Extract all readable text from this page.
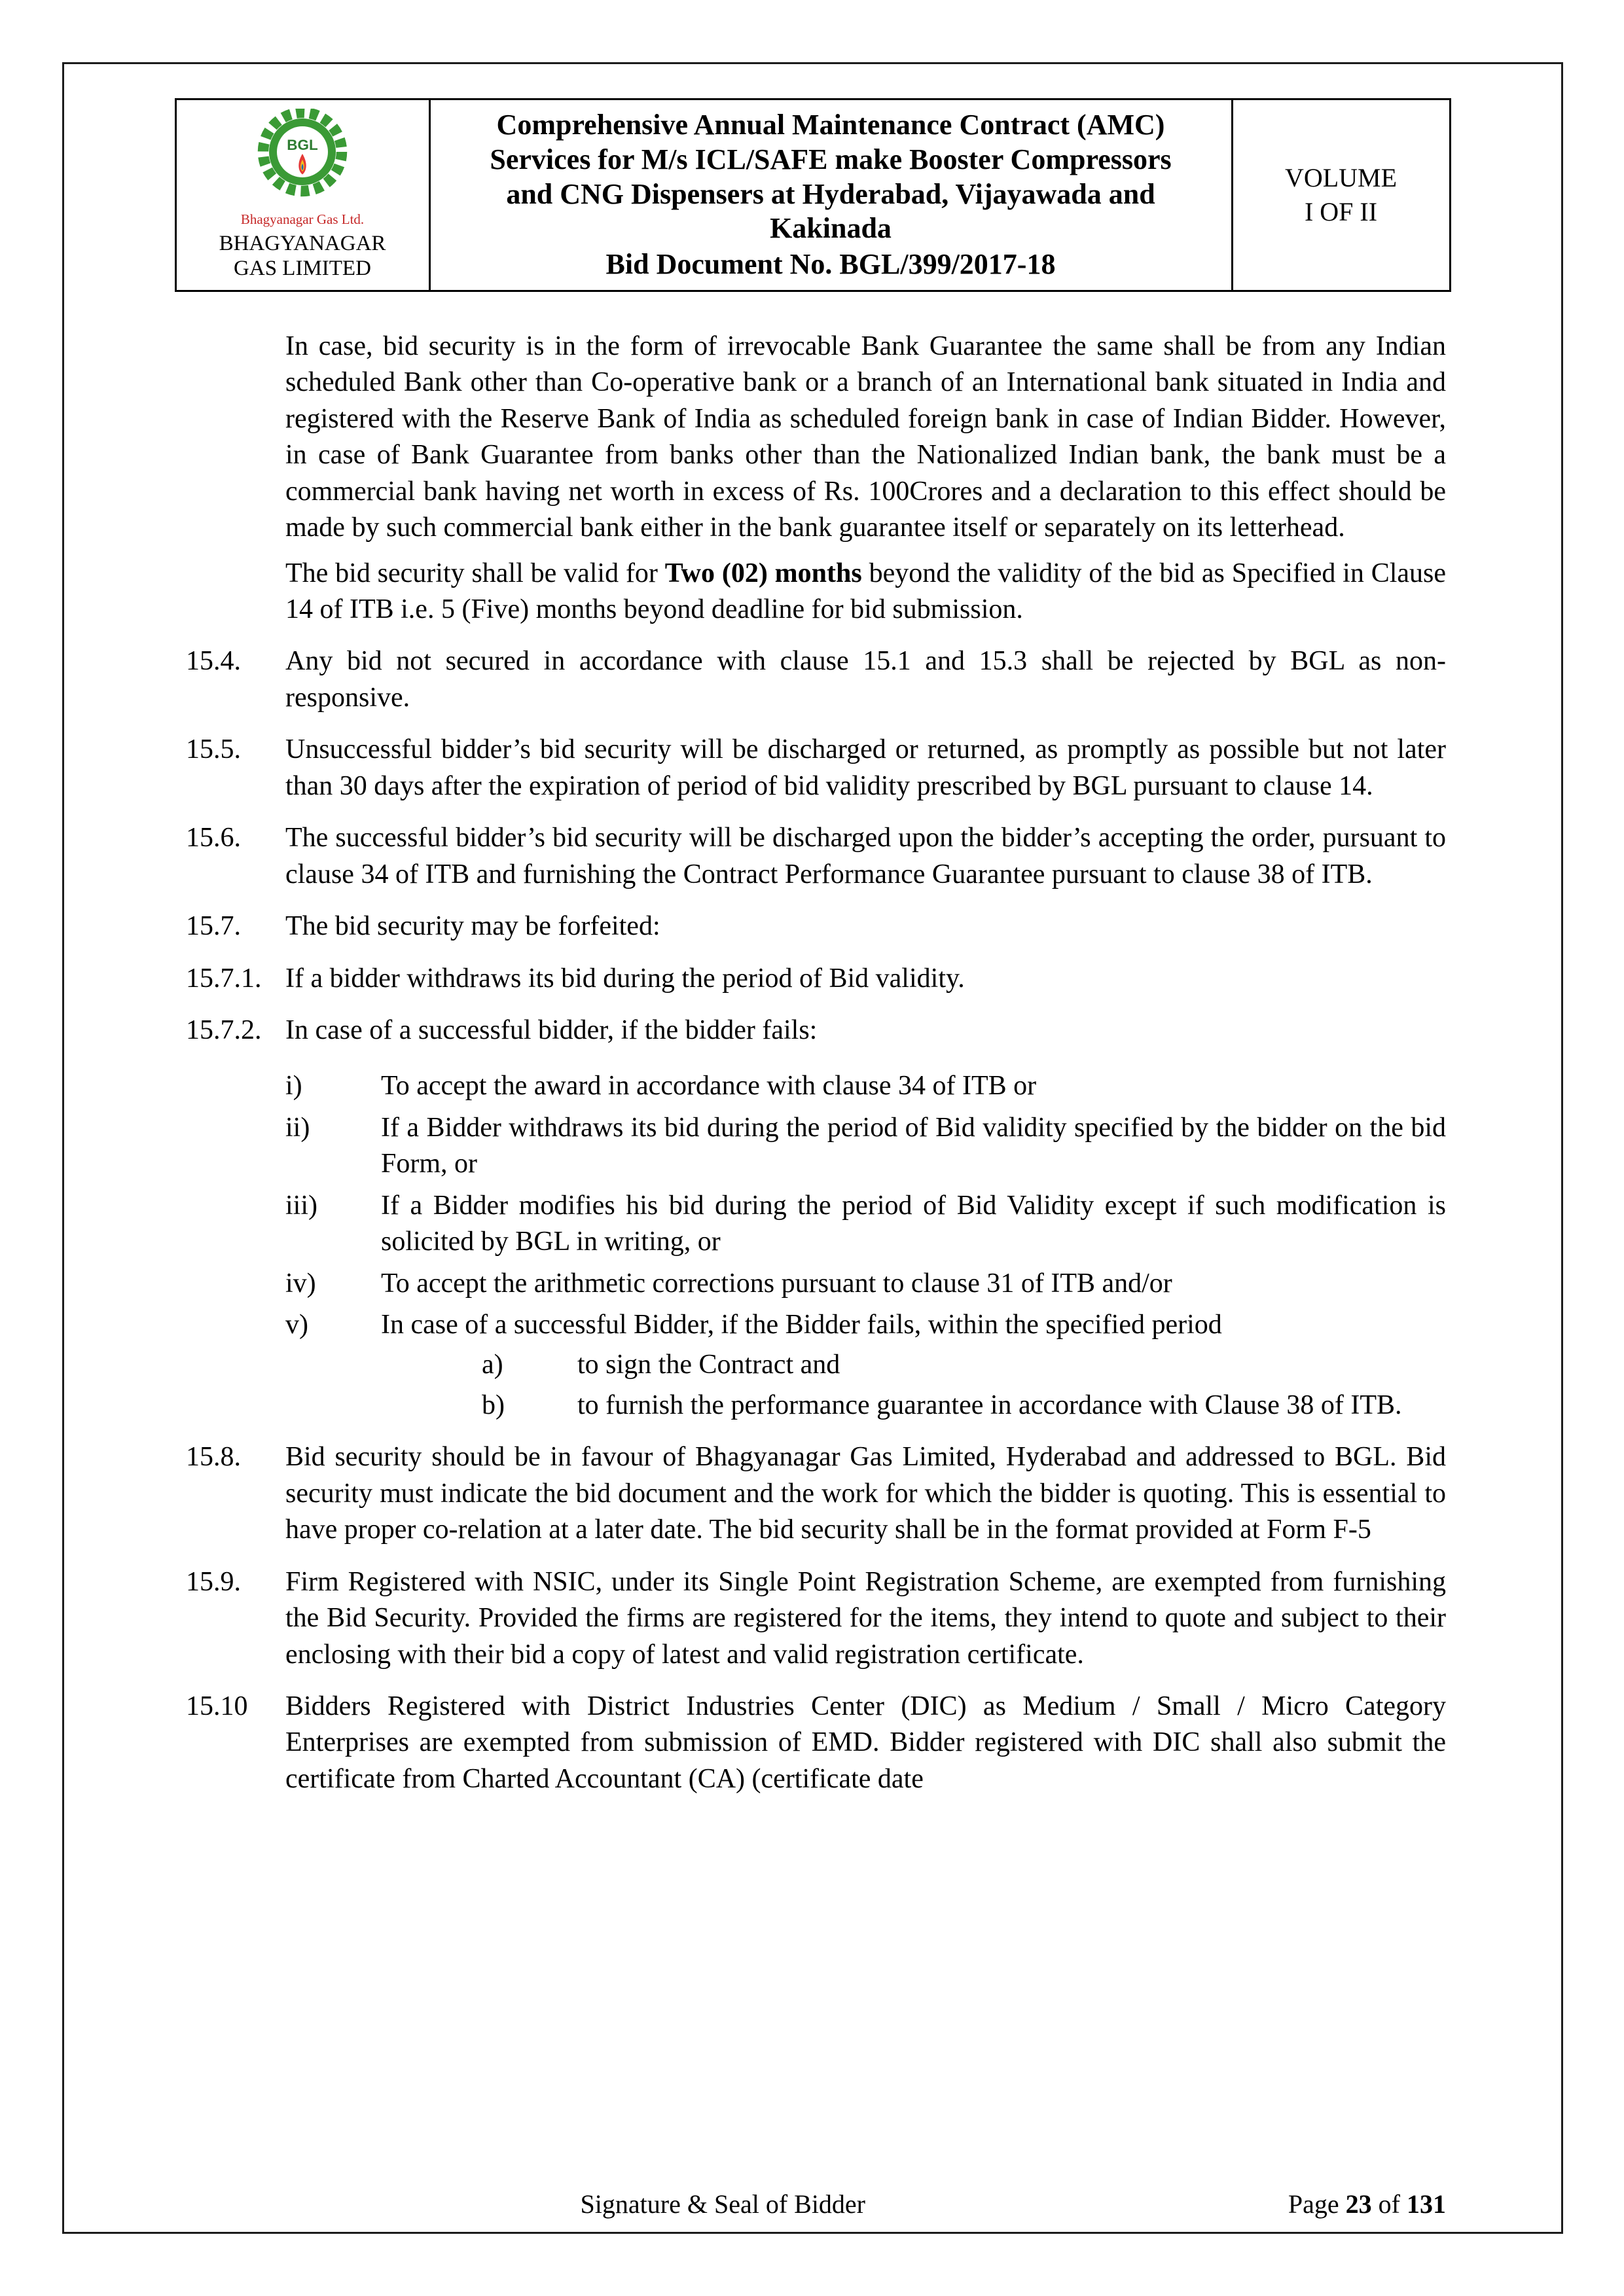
BGL
Bhagyanagar Gas Ltd.
BHAGYANAGAR
GAS LIMITED
Comprehensive Annual Maintenance Contract (AMC)
Services for M/s ICL/SAFE make Booster Compressors
and CNG Dispensers at Hyderabad, Vijayawada and
Kakinada
Bid Document No. BGL/399/2017-18
VOLUME
I OF II
In case, bid security is in the form of irrevocable Bank Guarantee the same shall be from any Indian scheduled Bank other than Co-operative bank or a branch of an International bank situated in India and registered with the Reserve Bank of India as scheduled foreign bank in case of Indian Bidder. However, in case of Bank Guarantee from banks other than the Nationalized Indian bank, the bank must be a commercial bank having net worth in excess of Rs. 100Crores and a declaration to this effect should be made by such commercial bank either in the bank guarantee itself or separately on its letterhead.
The bid security shall be valid for Two (02) months beyond the validity of the bid as Specified in Clause 14 of ITB i.e. 5 (Five) months beyond deadline for bid submission.
15.4.	Any bid not secured in accordance with clause 15.1 and 15.3 shall be rejected by BGL as non-responsive.
15.5.	Unsuccessful bidder’s bid security will be discharged or returned, as promptly as possible but not later than 30 days after the expiration of period of bid validity prescribed by BGL pursuant to clause 14.
15.6.	The successful bidder’s bid security will be discharged upon the bidder’s accepting the order, pursuant to clause 34 of ITB and furnishing the Contract Performance Guarantee pursuant to clause 38 of ITB.
15.7.	The bid security may be forfeited:
15.7.1. If a bidder withdraws its bid during the period of Bid validity.
15.7.2. In case of a successful bidder, if the bidder fails:
i)	To accept the award in accordance with clause 34 of ITB or
ii)	If a Bidder withdraws its bid during the period of Bid validity specified by the bidder on the bid Form, or
iii)	If a Bidder modifies his bid during the period of Bid Validity except if such modification is solicited by BGL in writing, or
iv)	To accept the arithmetic corrections pursuant to clause 31 of ITB and/or
v)	In case of a successful Bidder, if the Bidder fails, within the specified period
a)	to sign the Contract and
b)	to furnish the performance guarantee in accordance with Clause 38 of ITB.
15.8.	Bid security should be in favour of Bhagyanagar Gas Limited, Hyderabad and addressed to BGL. Bid security must indicate the bid document and the work for which the bidder is quoting. This is essential to have proper co-relation at a later date. The bid security shall be in the format provided at Form F-5
15.9.	Firm Registered with NSIC, under its Single Point Registration Scheme, are exempted from furnishing the Bid Security. Provided the firms are registered for the items, they intend to quote and subject to their enclosing with their bid a copy of latest and valid registration certificate.
15.10	Bidders Registered with District Industries Center (DIC) as Medium / Small / Micro Category Enterprises are exempted from submission of EMD. Bidder registered with DIC shall also submit the certificate from Charted Accountant (CA) (certificate date
Signature & Seal of Bidder	Page 23 of 131
